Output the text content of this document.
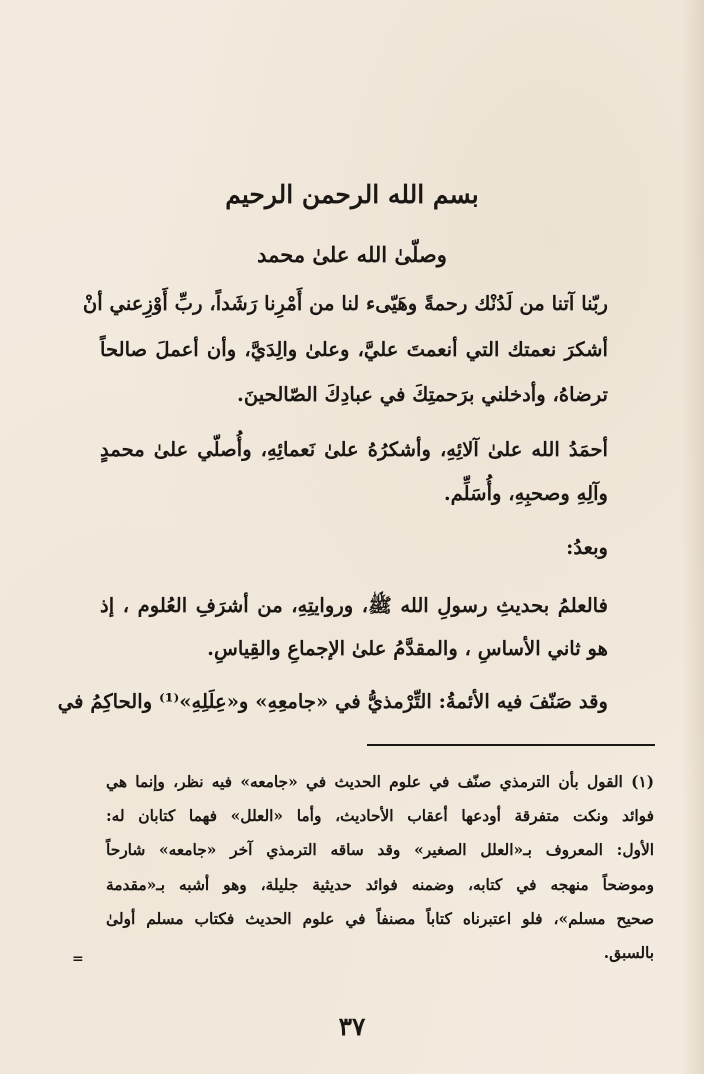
بسم الله الرحمن الرحيم

وصلّىٰ الله علىٰ محمد

ربّنا آتنا من لَدُنْك رحمةً وهَيّىء لنا من أَمْرِنا رَشَداً، ربِّ أَوْزِعني أنْ

أشكرَ نعمتك التي أنعمتَ عليَّ، وعلىٰ والِدَيَّ، وأن أعملَ صالحاً

ترضاهُ، وأدخلني برَحمتِكَ في عبادِكَ الصّالحينَ.

أحمَدُ الله علىٰ آلائِهِ، وأشكرُهُ علىٰ نَعمائِهِ، وأُصلّي علىٰ محمدٍ

وآلِهِ وصحبِهِ، وأُسَلِّم.

وبعدُ:

فالعلمُ بحديثِ رسولِ الله ﷺ، وروايتِهِ، من أشرَفِ العُلوم ، إذ

هو ثاني الأساسِ ، والمقدَّمُ علىٰ الإجماعِ والقِياسِ.

وقد صَنّفَ فيه الأئمةُ: التِّرْمذيُّ في «جامعِهِ» و«عِلَلِهِ»⁽¹⁾ والحاكِمُ في

(١) القول بأن الترمذي صنّف في علوم الحديث في «جامعه» فيه نظر، وإنما هي

فوائد ونكت متفرقة أودعها أعقاب الأحاديث، وأما «العلل» فهما كتابان له:

الأول: المعروف بـ«العلل الصغير» وقد ساقه الترمذي آخر «جامعه» شارحاً

وموضحاً منهجه في كتابه، وضمنه فوائد حديثية جليلة، وهو أشبه بـ«مقدمة

صحيح مسلم»، فلو اعتبرناه كتاباً مصنفاً في علوم الحديث فكتاب مسلم أولىٰ

بالسبق.

=

٣٧
